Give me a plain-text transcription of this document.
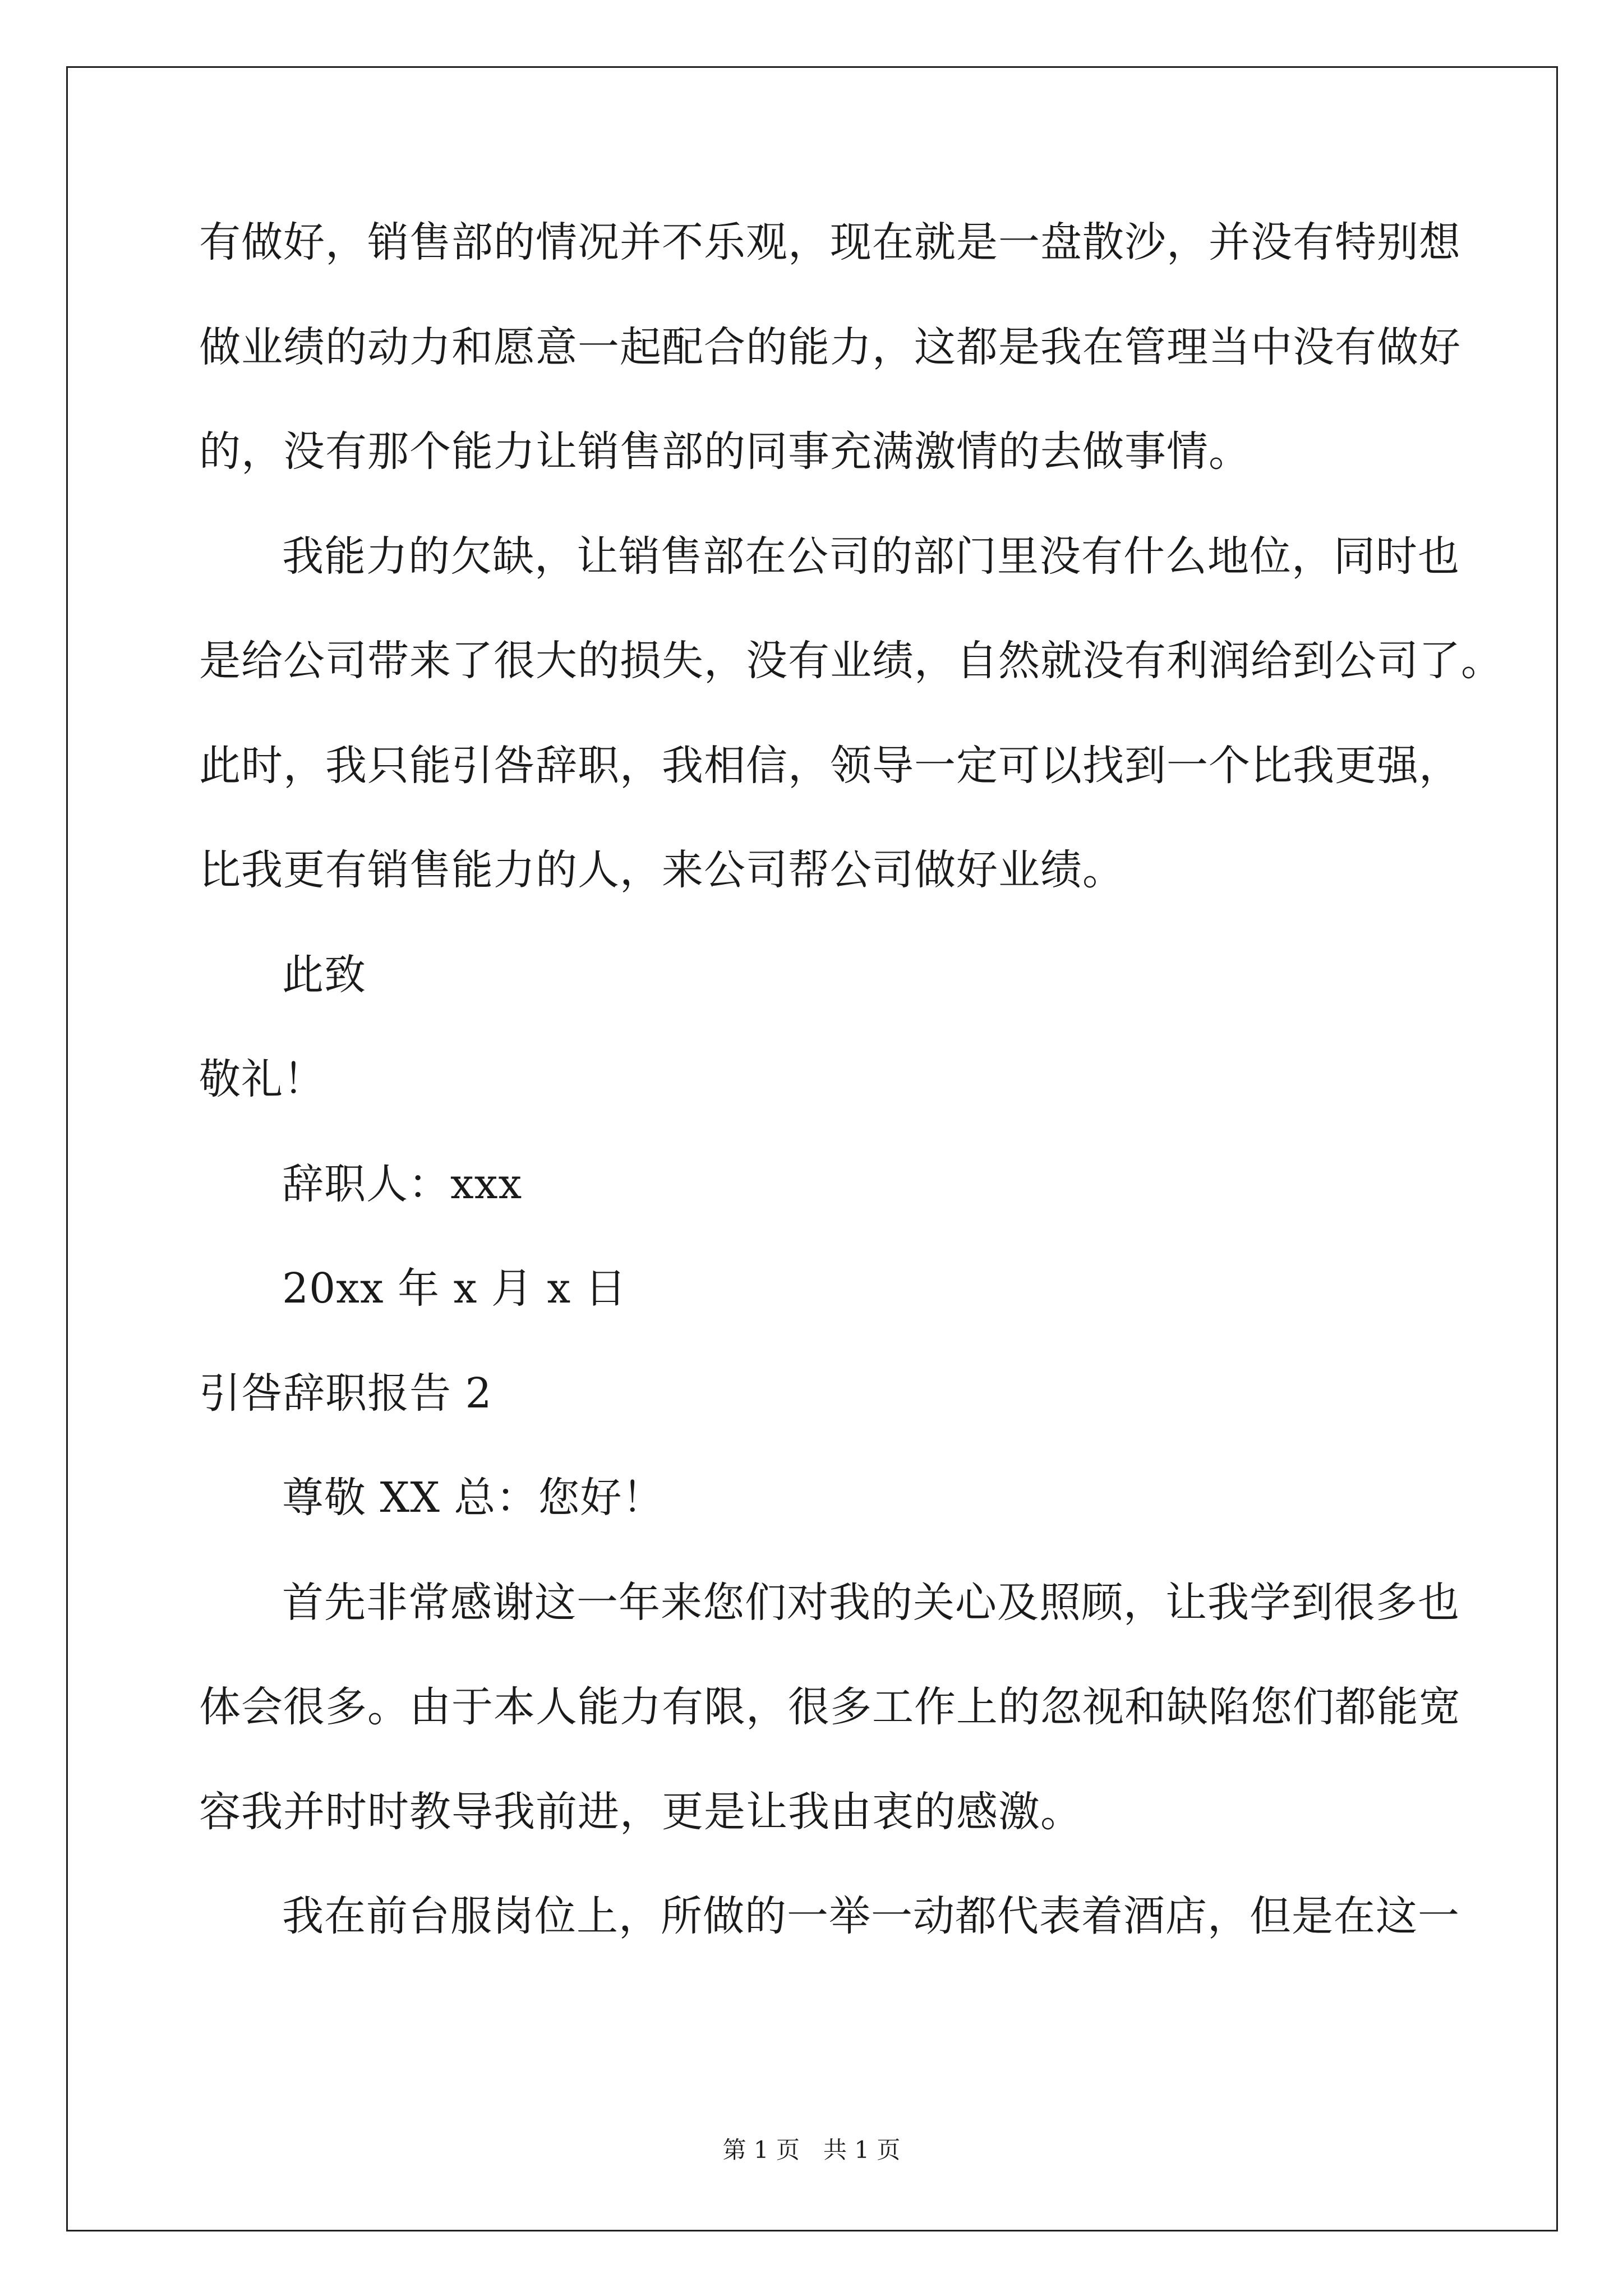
有做好，销售部的情况并不乐观，现在就是一盘散沙，并没有特别想
做业绩的动力和愿意一起配合的能力，这都是我在管理当中没有做好
的，没有那个能力让销售部的同事充满激情的去做事情。
我能力的欠缺，让销售部在公司的部门里没有什么地位，同时也
是给公司带来了很大的损失，没有业绩，自然就没有利润给到公司了。
此时，我只能引咎辞职，我相信，领导一定可以找到一个比我更强，
比我更有销售能力的人，来公司帮公司做好业绩。
此致
敬礼！
辞职人：xxx
20xx 年 x 月 x 日
引咎辞职报告 2
尊敬 XX 总：您好！
首先非常感谢这一年来您们对我的关心及照顾，让我学到很多也
体会很多。由于本人能力有限，很多工作上的忽视和缺陷您们都能宽
容我并时时教导我前进，更是让我由衷的感激。
我在前台服岗位上，所做的一举一动都代表着酒店，但是在这一
第 1 页　共 1 页
